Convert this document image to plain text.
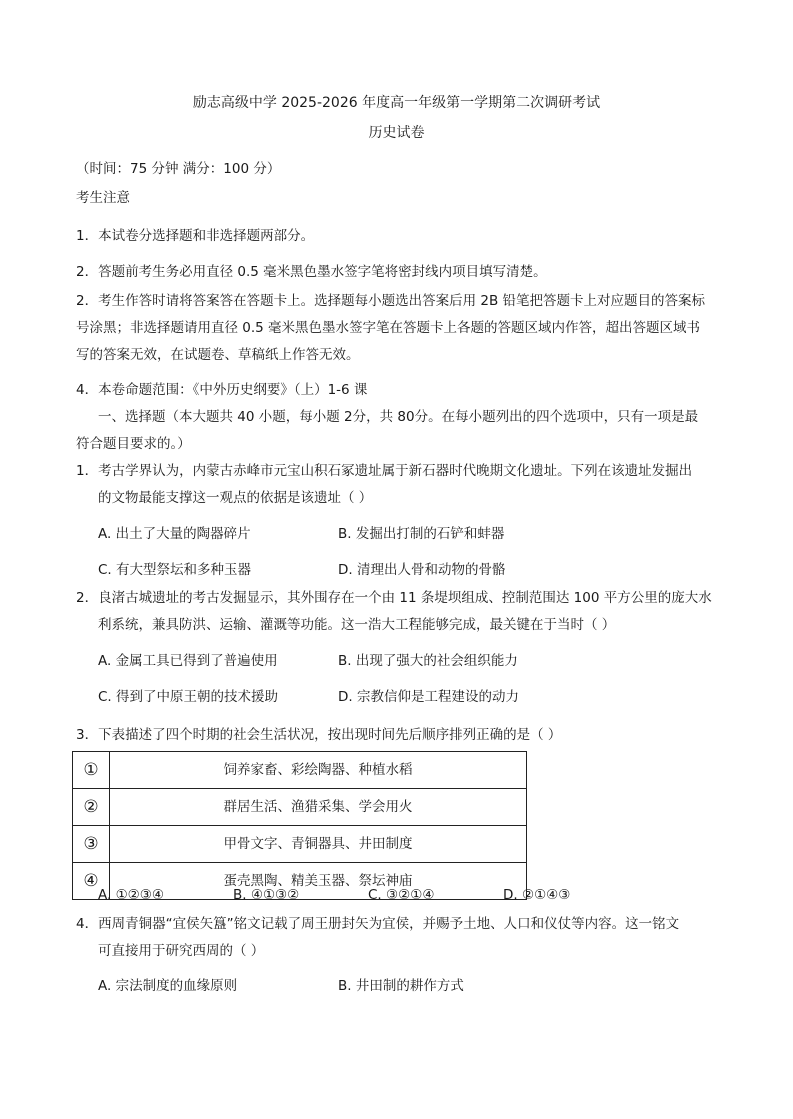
励志高级中学 2025-2026 年度高一年级第一学期第二次调研考试
历史试卷
（时间：75 分钟 满分：100 分）
考生注意
1．本试卷分选择题和非选择题两部分。
2．答题前考生务必用直径 0.5 毫米黑色墨水签字笔将密封线内项目填写清楚。
2．考生作答时请将答案答在答题卡上。选择题每小题选出答案后用 2B 铅笔把答题卡上对应题目的答案标
号涂黑；非选择题请用直径 0.5 毫米黑色墨水签字笔在答题卡上各题的答题区域内作答，超出答题区域书
写的答案无效，在试题卷、草稿纸上作答无效。
4．本卷命题范围：《中外历史纲要》（上）1-6 课
一、选择题（本大题共 40 小题，每小题 2分，共 80分。在每小题列出的四个选项中，只有一项是最
符合题目要求的。）
1．考古学界认为，内蒙古赤峰市元宝山积石冢遗址属于新石器时代晚期文化遗址。下列在该遗址发掘出
的文物最能支撑这一观点的依据是该遗址（ ）
A. 出土了大量的陶器碎片	B. 发掘出打制的石铲和蚌器
C. 有大型祭坛和多种玉器	D. 清理出人骨和动物的骨骼
2．良渚古城遗址的考古发掘显示，其外围存在一个由 11 条堤坝组成、控制范围达 100 平方公里的庞大水
利系统，兼具防洪、运输、灌溉等功能。这一浩大工程能够完成，最关键在于当时（ ）
A. 金属工具已得到了普遍使用	B. 出现了强大的社会组织能力
C. 得到了中原王朝的技术援助	D. 宗教信仰是工程建设的动力
3．下表描述了四个时期的社会生活状况，按出现时间先后顺序排列正确的是（ ）
①	饲养家畜、彩绘陶器、种植水稻
②	群居生活、渔猎采集、学会用火
③	甲骨文字、青铜器具、井田制度
④	蛋壳黑陶、精美玉器、祭坛神庙
A. ①②③④	B. ④①③②	C. ③②①④	D. ②①④③
4．西周青铜器“宜侯矢簋”铭文记载了周王册封矢为宜侯，并赐予土地、人口和仪仗等内容。这一铭文
可直接用于研究西周的（ ）
A. 宗法制度的血缘原则	B. 井田制的耕作方式
